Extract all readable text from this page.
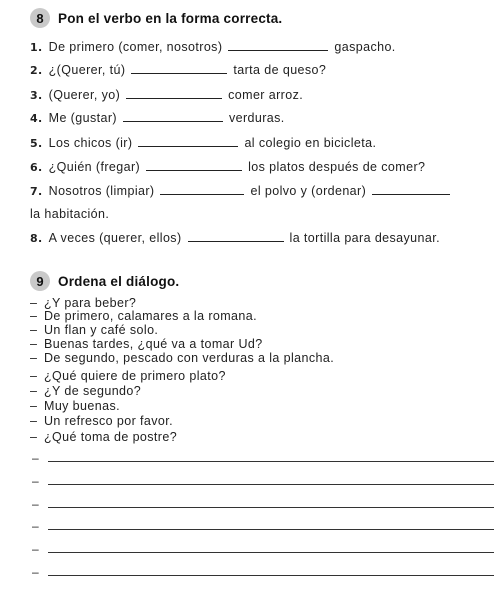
8	Pon el verbo en la forma correcta.
1. De primero (comer, nosotros)	gaspacho.
2. ¿(Querer, tú)	tarta de queso?
3. (Querer, yo)	comer arroz.
4. Me (gustar)	verduras.
5. Los chicos (ir)	al colegio en bicicleta.
6. ¿Quién (fregar)	los platos después de comer?
7. Nosotros (limpiar)	el polvo y (ordenar)
la habitación.
8. A veces (querer, ellos)	la tortilla para desayunar.
9	Ordena el diálogo.
– ¿Y para beber?
– De primero, calamares a la romana.
– Un flan y café solo.
– Buenas tardes, ¿qué va a tomar Ud?
– De segundo, pescado con verduras a la plancha.
– ¿Qué quiere de primero plato?
– ¿Y de segundo?
– Muy buenas.
– Un refresco por favor.
– ¿Qué toma de postre?
–
–
–
–
–
–
